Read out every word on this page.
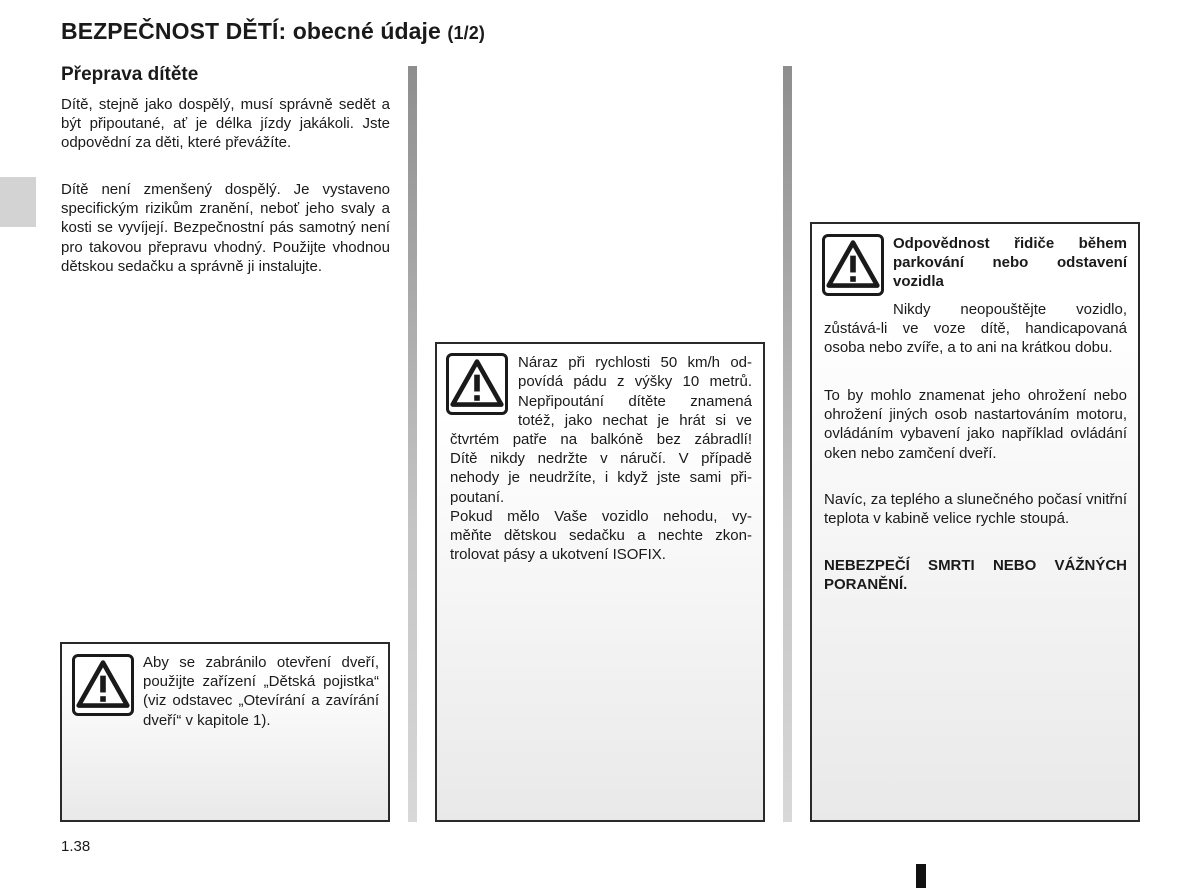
BEZPEČNOST DĚTÍ: obecné údaje (1/2)
Přeprava dítěte

Dítě, stejně jako dospělý, musí správně sedět a být připoutané, ať je délka jízdy jakákoli. Jste odpovědní za děti, které převážíte.

Dítě není zmenšený dospělý. Je vystaveno specifickým rizikům zranění, neboť jeho svaly a kosti se vyvíjejí. Bezpečnostní pás samotný není pro takovou přepravu vhodný. Použijte vhodnou dětskou sedačku a správně ji instalujte.

Aby se zabránilo otevření dveří, použijte zařízení „Dětská pojistka“ (viz odstavec „Otevírání a zavírání dveří“ v kapitole 1).

Náraz při rychlosti 50 km/h od-
povídá pádu z výšky 10 metrů.
Nepřipoutání dítěte znamená
totéž, jako nechat je hrát si ve
čtvrtém patře na balkóně bez zábradlí!
Dítě nikdy nedržte v náručí. V případě
nehody je neudržíte, i když jste sami při-
poutaní.
Pokud mělo Vaše vozidlo nehodu, vy-
měňte dětskou sedačku a nechte zkon-
trolovat pásy a ukotvení ISOFIX.

Odpovědnost řidiče během parkování nebo odstavení vozidla

Nikdy neopouštějte vozidlo, zůstává-li ve voze dítě, handicapovaná osoba nebo zvíře, a to ani na krátkou dobu.

To by mohlo znamenat jeho ohrožení nebo ohrožení jiných osob nastartováním motoru, ovládáním vybavení jako například ovládání oken nebo zamčení dveří.

Navíc, za teplého a slunečného počasí vnitřní teplota v kabině velice rychle stoupá.

NEBEZPEČÍ SMRTI NEBO VÁŽNÝCH PORANĚNÍ.

1.38
